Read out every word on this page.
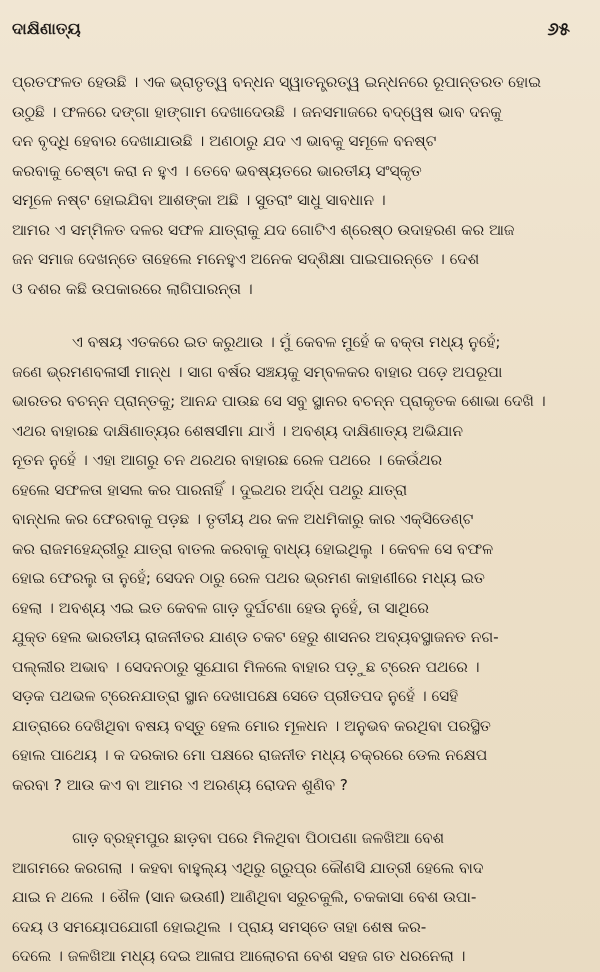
ଦାକ୍ଷିଣାତ୍ୟ	୬୫
ପ୍ରତଫଳତ ହେଉଛି । ଏକ ଭ୍ରାତୃତ୍ୱ ବନ୍ଧନ ସ୍ୱାତନ୍ତ୍ରତ୍ୱ ଇନ୍ଧନରେ ରୂପାନ୍ତରତ ହୋଇ
ଉଠୁଛି । ଫଳରେ ଦଙ୍ଗା ହାଙ୍ଗାମ ଦେଖାଦେଉଛି । ଜନସମାଜରେ ବଦ୍ୱେଷ ଭାବ ଦନକୁ
ଦନ ବୃଦ୍ଧି ହେବାର ଦେଖାଯାଉଛି । ଅଣଠାରୁ ଯଦ ଏ ଭାବକୁ ସମୂଳେ ବନଷ୍ଟ
କରବାକୁ ଚେଷ୍ଟା କରା ନ ହୁଏ । ତେବେ ଭବଷ୍ୟତରେ ଭାରତୀୟ ସଂସ୍କୃତ
ସମୂଳେ ନଷ୍ଟ ହୋଇଯିବା ଆଶଙ୍କା ଅଛି । ସୁତରାଂ ସାଧୁ ସାବଧାନ ।
ଆମର ଏ ସମ୍ମିଳତ ଦଳର ସଫଳ ଯାତ୍ରାକୁ ଯଦ ଗୋଟିଏ ଶ୍ରେଷ୍ଠ ଉଦାହରଣ କର ଆଜ
ଜନ ସମାଜ ଦେଖନ୍ତେ ତାହେଲେ ମନେହୁଏ ଅନେକ ସଦ୍‌ଶିକ୍ଷା ପାଇପାରନ୍ତେ । ଦେଶ
ଓ ଦଶର କଛି ଉପକାରରେ ଲାଗିପାରନ୍ତା ।
ଏ ବଷୟ ଏତକରେ ଇତ କରୁଥାଉ । ମୁଁ କେବଳ ମୁହେଁ କ ବକ୍ତା ମଧ୍ୟ ନୁହେଁ;
ଜଣେ ଭ୍ରମଣବଳାସୀ ମାନ୍ଧ । ସାଗ ବର୍ଷର ସଞ୍ଚୟକୁ ସମ୍ବଳକର ବାହାର ପଡ଼େ ଅପରୂପା
ଭାରତର ବଚନ୍ନ ପ୍ରାନ୍ତକୁ; ଆନନ୍ଦ ପାଉଛ ସେ ସବୁ ସ୍ଥାନର ବଚନ୍ନ ପ୍ରାକୃତକ ଶୋଭା ଦେଖି ।
ଏଥର ବାହାରଛ ଦାକ୍ଷିଣାତ୍ୟର ଶେଷସୀମା ଯାଏଁ । ଅବଶ୍ୟ ଦାକ୍ଷିଣାତ୍ୟ ଅଭିଯାନ
ନୂତନ ନୁହେଁ । ଏହା ଆଗରୁ ଚନ ଥରଥର ବାହାରଛ ରେଳ ପଥରେ । କେଉଁଥର
ହେଲେ ସଫଳତା ହାସଲ କର ପାରନାହିଁ । ଦୁଇଥର ଅର୍ଦ୍ଧ ପଥରୁ ଯାତ୍ରା
ବାନ୍ଧଲ କର ଫେରବାକୁ ପଡ଼ଛ । ତୃତୀୟ ଥର କଳ ଅଧମିକାରୁ କାର ଏକ୍ସିଡେଣ୍ଟ
କର ରାଜମହେନ୍ଦ୍ରୀରୁ ଯାତ୍ରା ବାତଲ କରବାକୁ ବାଧ୍ୟ ହୋଇଥିଲୁ । କେବଳ ସେ ବଫଳ
ହୋଇ ଫେରଲୁ ତା ନୁହେଁ; ସେଦନ ଠାରୁ ରେଳ ପଥର ଭ୍ରମଣ କାହାଣୀରେ ମଧ୍ୟ ଇତ
ହେଲା । ଅବଶ୍ୟ ଏଇ ଇତ କେବଳ ଗାଡ଼ ଦୁର୍ଘଟଣା ହେଉ ନୁହେଁ, ତା ସାଥିରେ
ଯୁକ୍ତ ହେଲ ଭାରତୀୟ ରାଜନୀତର ଯାଣ୍ଡ ଚକଟ ହେରୁ ଶାସନର ଅବ୍ୟବସ୍ଥାଜନତ ନଗ-
ପଲ୍ଲୀର ଅଭାବ । ସେଦନଠାରୁ ସୁଯୋଗ ମିଳଲେ ବାହାର ପଡ଼ୁଛ ଟ୍ରେନ ପଥରେ ।
ସଡ଼କ ପଥଭଳ ଟ୍ରେନଯାତ୍ରା ସ୍ଥାନ ଦେଖାପକ୍ଷେ ସେତେ ପ୍ରୀତପଦ ନୁହେଁ । ସେହି
ଯାତ୍ରାରେ ଦେଖିଥିବା ବଷୟ ବସ୍ତୁ ହେଲ ମୋର ମୂଳଧନ । ଅନୁଭବ କରଥିବା ପରସ୍ଥିତ
ହୋଲ ପାଥେୟ । କ ଦରକାର ମୋ ପକ୍ଷରେ ରାଜନୀତ ମଧ୍ୟ ଚକ୍ରରେ ଡେଲ ନକ୍ଷେପ
କରବା ? ଆଉ କଏ ବା ଆମର ଏ ଅରଣ୍ୟ ରୋଦନ ଶୁଣିବ ?
ଗାଡ଼ ବ୍ରହ୍ମପୁର ଛାଡ଼ବା ପରେ ମିଳଥିବା ପିଠାପଣା ଜଳଖିଆ ବେଶ
ଆଗମରେ କରଗଲା । କହବା ବାହୁଲ୍ୟ ଏଥିରୁ ଗ୍ରୁପ୍‌ର କୌଣସି ଯାତ୍ରୀ ହେଲେ ବାଦ
ଯାଇ ନ ଥଲେ । ଶୈଳ (ସାନ ଭଉଣୀ) ଆଣିଥିବା ସରୁଚକୁଲି, ଚକକାସା ବେଶ ଉପା-
ଦେୟ ଓ ସମୟୋପଯୋଗୀ ହୋଇଥିଲ । ପ୍ରାୟ ସମସ୍ତେ ତାହା ଶେଷ କର-
ଦେଲେ । ଜଳଖିଆ ମଧ୍ୟ ଦେଇ ଆଳାପ ଆଲୋଚନା ବେଶ ସହଜ ଗତ ଧରନେଲା ।
